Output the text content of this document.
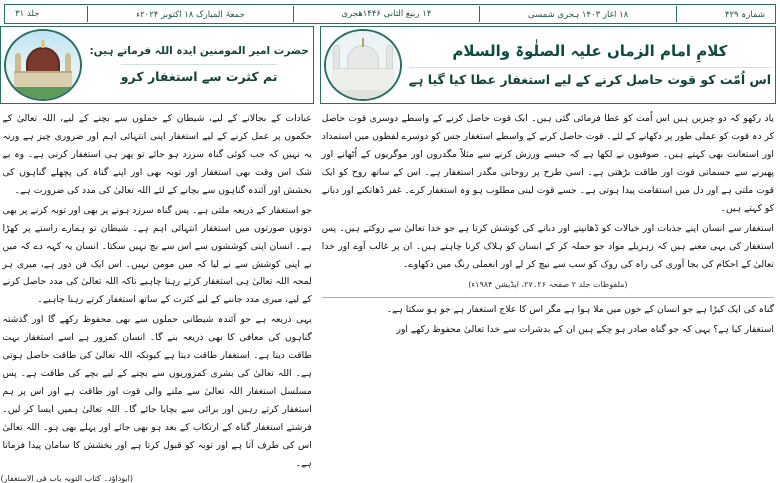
جلد ۳۱	جمعۃ المبارک ۱۸ اکتوبر ۲۰۲۴ء	۱۴ ربیع الثانی ۱۴۴۶ھجری	۱۸ اغاز ۱۴۰۳ ہجری شمسی	شمارہ ۴۲۹
کلامِ امام الزماں علیہ الصلٰوۃ والسلام
اس اُمّت کو قوت حاصل کرنے کے لیے استغفار عطا کیا گیا ہے

یاد رکھو کہ دو چیزیں ہیں اس اُمت کو عطا فرمائی گئی ہیں۔ ایک قوت حاصل کرنے کے واسطے دوسری قوت حاصل کر دہ قوت کو عملی طور پر دکھانے کے لئے۔ قوت حاصل کرنے کے واسطے استغفار جس کو دوسرے لفظوں میں استمداد اور استعانت بھی کہتے ہیں۔ صوفیوں نے لکھا ہے کہ جیسے ورزش کرنے سے مثلاً مگدروں اور موگریوں کے اُٹھانے اور پھیرنے سے جسمانی قوت اور طاقت بڑھتی ہے۔ اسی طرح پر روحانی مگدر استغفار ہے۔ اس کے ساتھ روح کو ایک قوت ملتی ہے اور دل میں استقامت پیدا ہوتی ہے۔ جسے قوت لینی مطلوب ہو وہ استغفار کرے۔ غفر ڈھانکنے اور دبانے کو کہتے ہیں۔

استغفار سے انسان اپنے جذبات اور خیالات کو ڈھانپنے اور دبانے کی کوشش کرتا ہے جو خدا تعالیٰ سے روکتے ہیں۔ پس استغفار کی یہی معنے ہیں کہ زہریلے مواد جو حملہ کر کے انسان کو ہلاک کرنا چاہتے ہیں۔ ان پر غالب آوے اور خدا تعالیٰ کے احکام کی بجا آوری کی راہ کی روک کو سب سے نیچ کر لے اور انعملی رنگ میں دکھاوے۔

(ملفوظات جلد ۲ صفحہ ۲۶۔۲۷، ایڈیشن ۱۹۸۴ء)

گناہ کی ایک کیڑا ہے جو انسان کے خون میں ملا ہوا ہے مگر اس کا علاج استغفار ہے جو ہو سکتا ہے۔

استغفار کیا ہے؟ یہی کہ جو گناہ صادر ہو چکے ہیں ان کے بدشرات سے خدا تعالیٰ محفوظ رکھے اور

حضرت امیر المومنین ایدہ اللہ فرماتے ہیں:
تم کثرت سے استغفار کرو

عبادات کے بجالانے کے لیے، شیطان کے حملوں سے بچنے کے لیے، اللہ تعالیٰ کے حکموں پر عمل کرنے کے لیے استغفار اپنی انتہائی اہم اور ضروری چیز ہے ورنہ یہ نہیں کہ جب کوئی گناہ سرزد ہو جائے تو پھر ہی استغفار کرنی ہے۔ وہ بے شک اس وقت بھی استغفار اور توبہ بھی اور اپنے گناہ کی پچھلے گناہوں کی بخشش اور آئندہ گناہوں سے بچانے کے لئے اللہ تعالیٰ کی مدد کی ضرورت ہے۔

جو استغفار کے ذریعہ ملتی ہے۔ پس گناہ سرزد ہونے پر بھی اور توبہ کرنے پر بھی دونوں صورتوں میں استغفار انتہائی اہم ہے۔ شیطان تو ہمارے راستے پر کھڑا ہے۔ انسان اپنی کوششوں سے اس سے بچ نہیں سکتا۔ انسان یہ کہہ دے کہ میں نے اپنی کوشش سے نے لیا کہ میں مومن نہیں۔ اس ایک فن دور ہے، میری ہر لمحہ اللہ تعالیٰ ہی استغفار کرتے رہنا چاہیے تاکہ اللہ تعالیٰ کی مدد حاصل کرنے کے لیے، میری مدد جاننے کے لیے کثرت کے ساتھ استغفار کرتے رہنا چاہیے۔

یہی ذریعہ ہے جو آئندہ شیطانی حملوں سے بھی محفوظ رکھے گا اور گذشتہ گناہوں کی معافی کا بھی ذریعہ بنے گا۔ انسان کمزور ہے اسے استغفار بہت طاقت دیتا ہے۔ استغفار طاقت دیتا ہے کیونکہ اللہ تعالیٰ کی طاقت حاصل ہوتی ہے۔ اللہ تعالیٰ کی بشری کمزوریوں سے بچنے کے لیے بچے کی طاقت ہے۔ پس مسلسل استغفار اللہ تعالیٰ سے ملنے والی قوت اور طاقت ہے اور اس پر ہم استغفار کرتے رہیں اور برائی سے بچایا جائے گا۔ اللہ تعالیٰ ہمیں ایسا کر لیں۔ فرشتے استغفار گناہ کے ارتکاب کے بعد ہو بھی جائے اور پہلے بھی ہو۔ اللہ تعالیٰ اس کی طرف آتا ہے اور توبہ کو قبول کرتا ہے اور بخشش کا سامان پیدا فرماتا ہے۔

(ابوداؤد۔ کتاب التوبہ باب فی الاستغفار)
